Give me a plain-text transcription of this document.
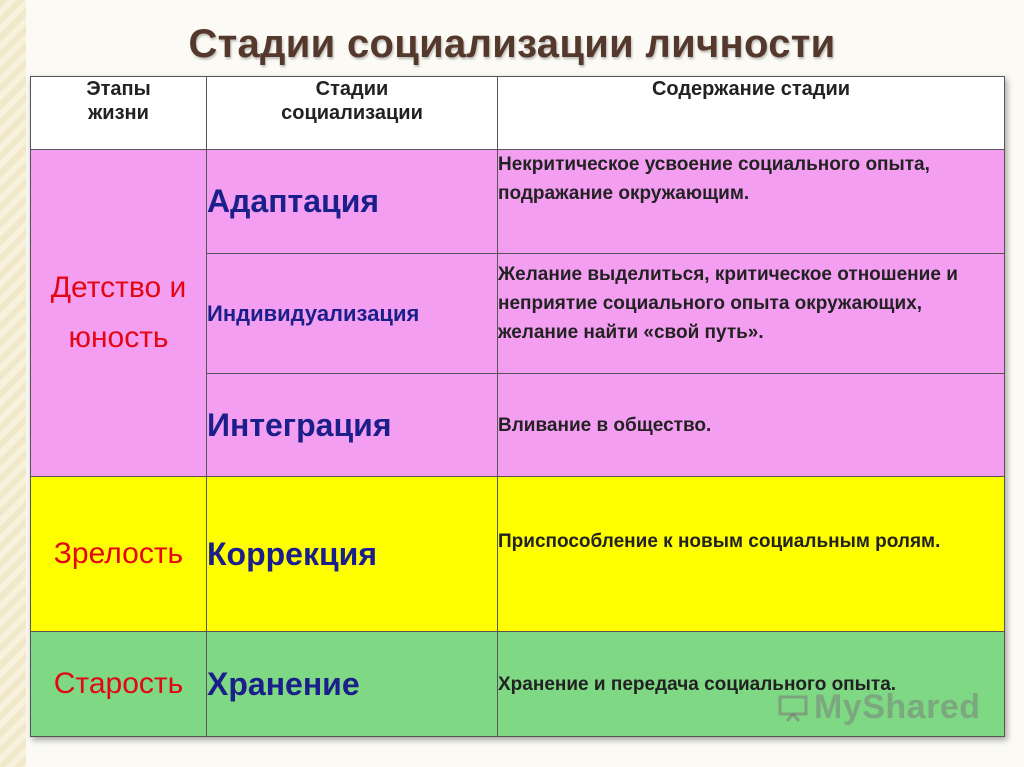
Стадии социализации личности
Этапы жизни	Стадии социализации	Содержание стадии

Детство и юность	Адаптация	Некритическое усвоение социального опыта, подражание окружающим.
	Индивидуализация	Желание выделиться, критическое отношение и неприятие социального опыта окружающих, желание найти «свой путь».
	Интеграция	Вливание в общество.
Зрелость	Коррекция	Приспособление к новым социальным ролям.
Старость	Хранение	Хранение и передача социального опыта.
MyShared
